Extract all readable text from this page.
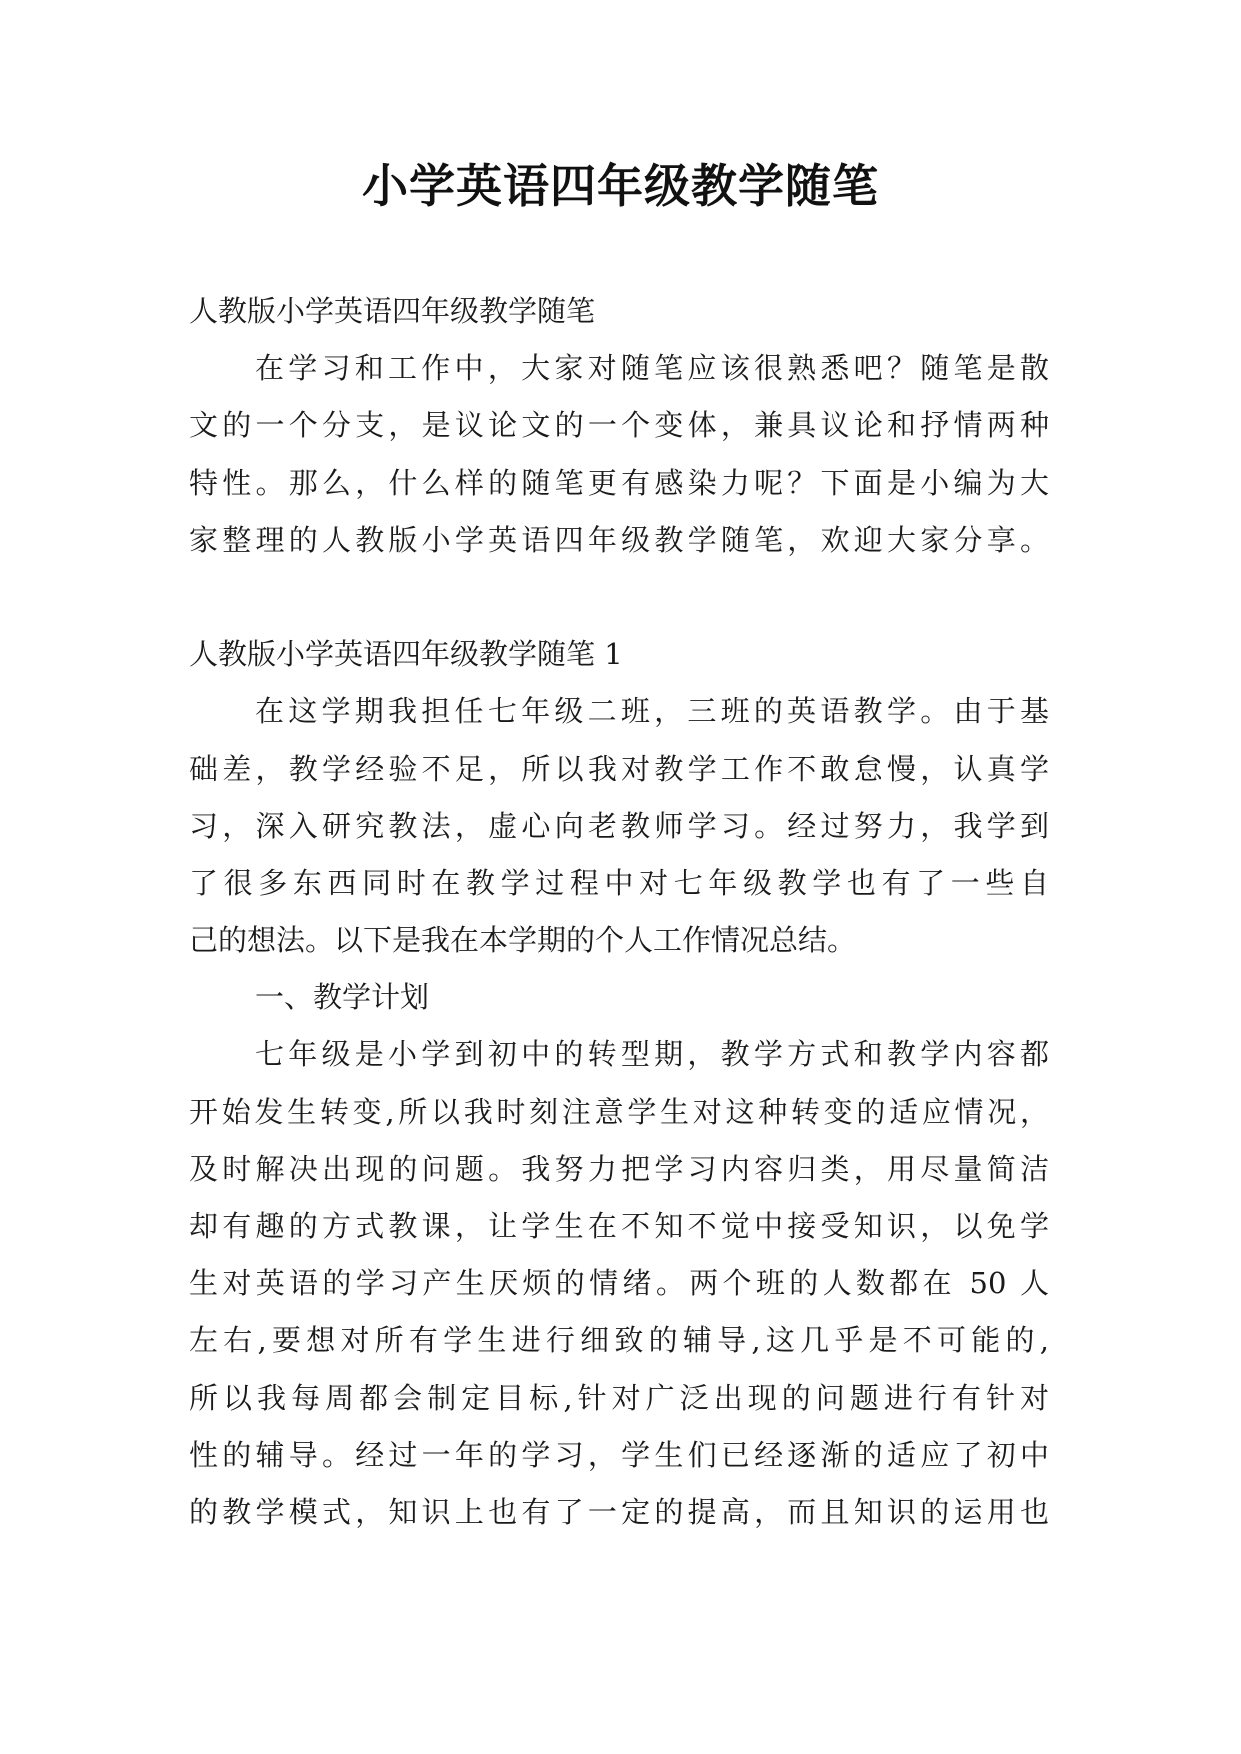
小学英语四年级教学随笔
人教版小学英语四年级教学随笔
在学习和工作中，大家对随笔应该很熟悉吧？随笔是散
文的一个分支，是议论文的一个变体，兼具议论和抒情两种
特性。那么，什么样的随笔更有感染力呢？下面是小编为大
家整理的人教版小学英语四年级教学随笔，欢迎大家分享。
人教版小学英语四年级教学随笔 1
在这学期我担任七年级二班，三班的英语教学。由于基
础差，教学经验不足，所以我对教学工作不敢怠慢，认真学
习，深入研究教法，虚心向老教师学习。经过努力，我学到
了很多东西同时在教学过程中对七年级教学也有了一些自
己的想法。以下是我在本学期的个人工作情况总结。
一、教学计划
七年级是小学到初中的转型期，教学方式和教学内容都
开始发生转变,所以我时刻注意学生对这种转变的适应情况，
及时解决出现的问题。我努力把学习内容归类，用尽量简洁
却有趣的方式教课，让学生在不知不觉中接受知识，以免学
生对英语的学习产生厌烦的情绪。两个班的人数都在 50 人
左右,要想对所有学生进行细致的辅导,这几乎是不可能的,
所以我每周都会制定目标,针对广泛出现的问题进行有针对
性的辅导。经过一年的学习，学生们已经逐渐的适应了初中
的教学模式，知识上也有了一定的提高，而且知识的运用也
